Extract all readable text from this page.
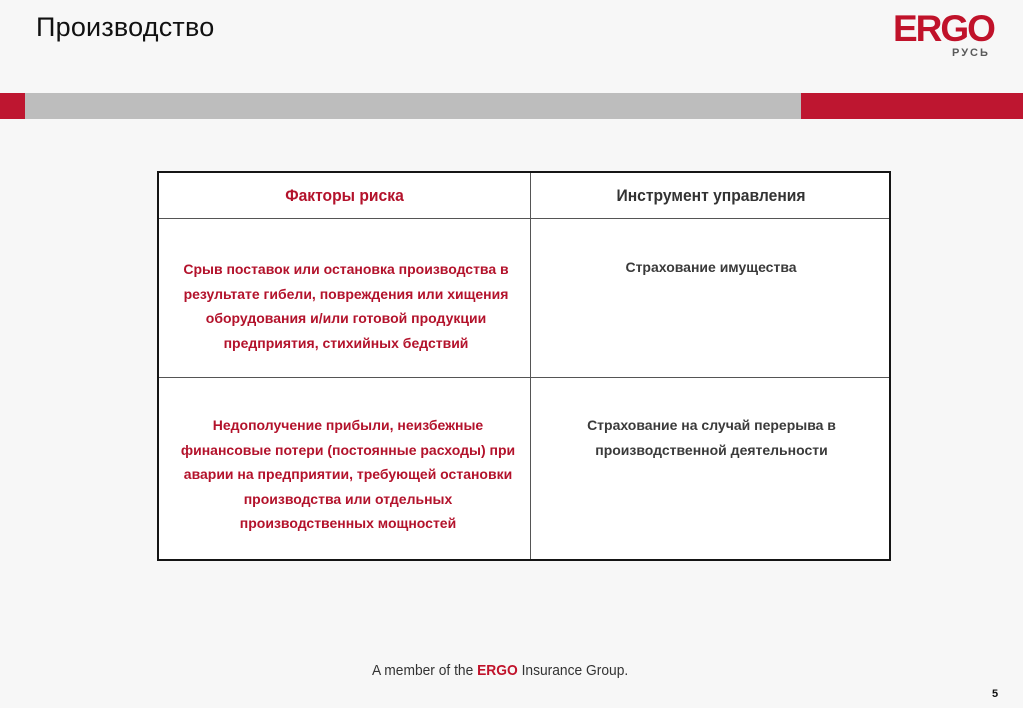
Производство	ERGO
РУСЬ
Факторы риска	Инструмент управления
Срыв поставок или остановка производства в результате гибели, повреждения или хищения оборудования и/или готовой продукции предприятия, стихийных бедствий
Страхование имущества
Недополучение прибыли, неизбежные финансовые потери (постоянные расходы) при аварии на предприятии, требующей остановки производства или отдельных производственных мощностей
Страхование на случай перерыва в производственной деятельности
A member of the ERGO Insurance Group.
5
